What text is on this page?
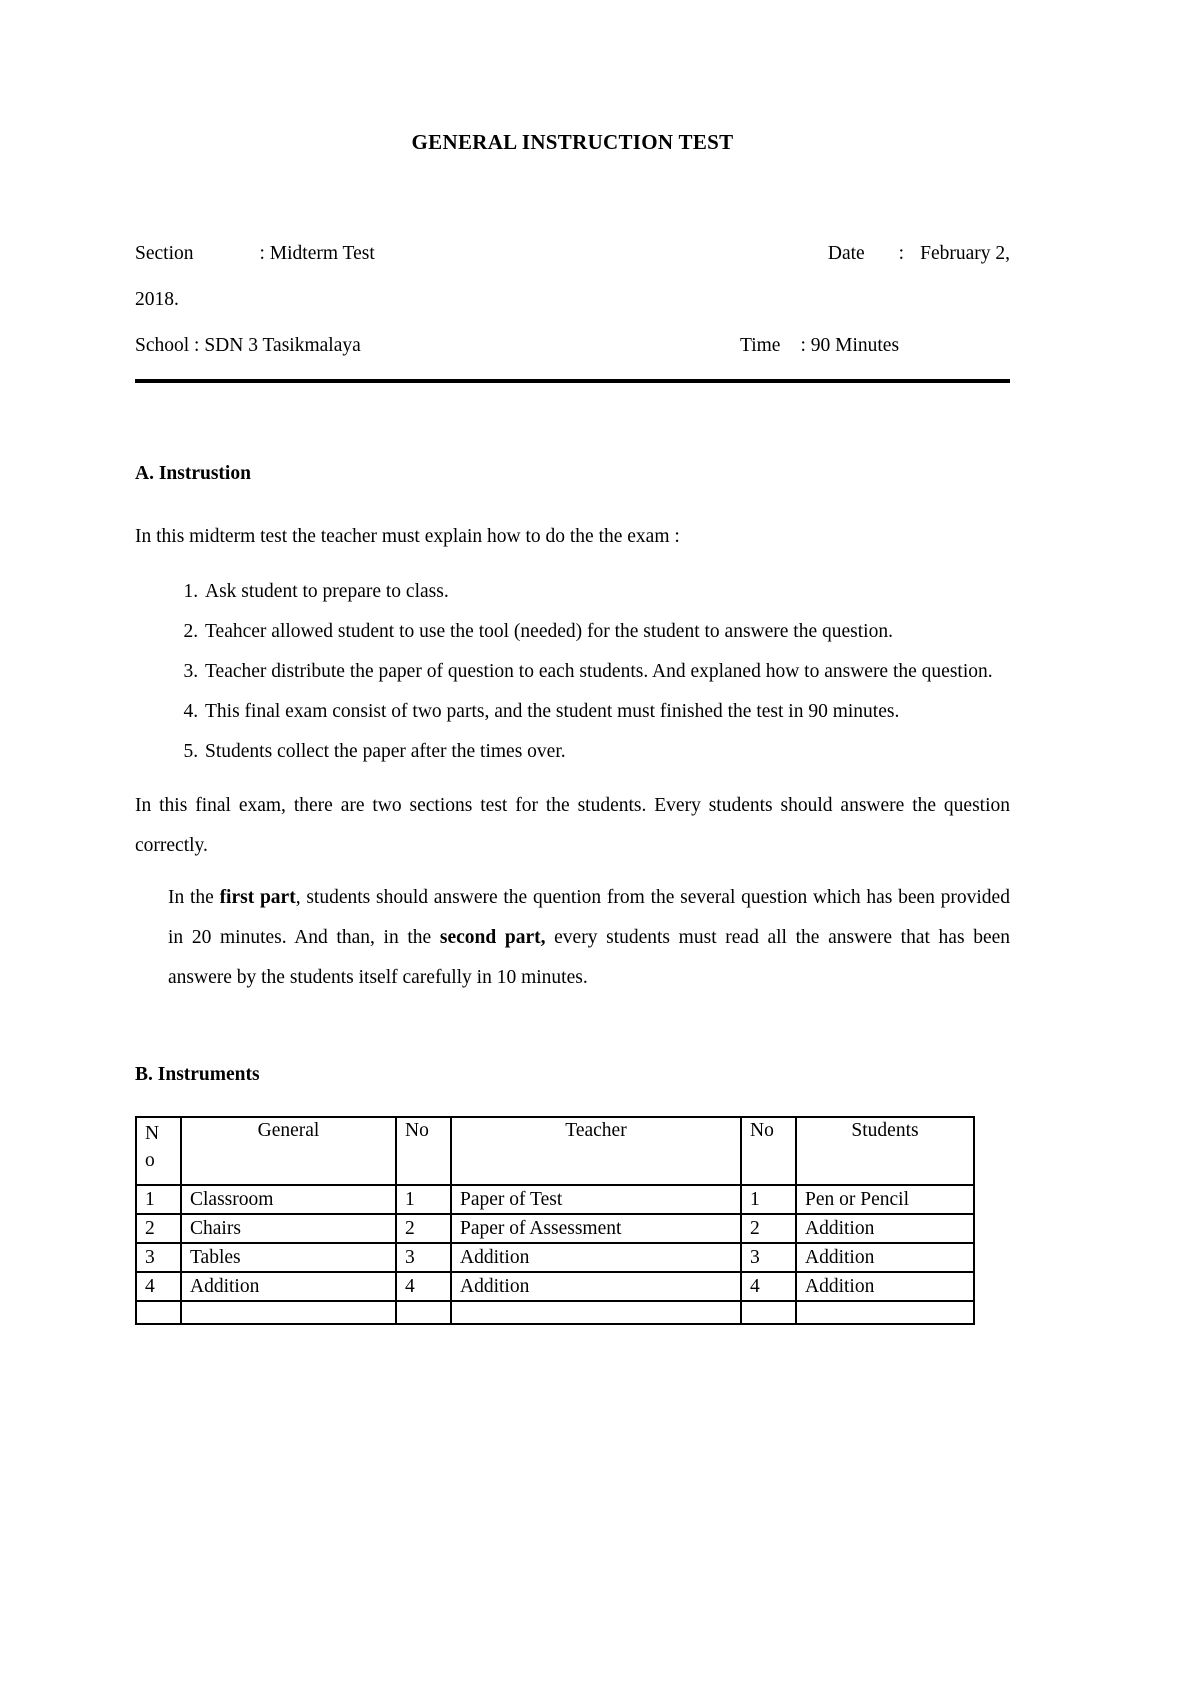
GENERAL INSTRUCTION TEST
Section	: Midterm Test	Date : February 2,
2018.
School : SDN 3 Tasikmalaya	Time : 90 Minutes

A. Instrustion

In this midterm test the teacher must explain how to do the the exam :

1. Ask student to prepare to class.
2. Teahcer allowed student to use the tool (needed) for the student to answere the question.
3. Teacher distribute the paper of question to each students. And explaned how to answere the question.
4. This final exam consist of two parts, and the student must finished the test in 90 minutes.
5. Students collect the paper after the times over.

In this final exam, there are two sections test for the students. Every students should answere the question correctly.

In the first part, students should answere the quention from the several question which has been provided in 20 minutes. And than, in the second part, every students must read all the answere that has been answere by the students itself carefully in 10 minutes.

B. Instruments

No	General	No	Teacher	No	Students
1	Classroom	1	Paper of Test	1	Pen or Pencil
2	Chairs	2	Paper of Assessment	2	Addition
3	Tables	3	Addition	3	Addition
4	Addition	4	Addition	4	Addition
